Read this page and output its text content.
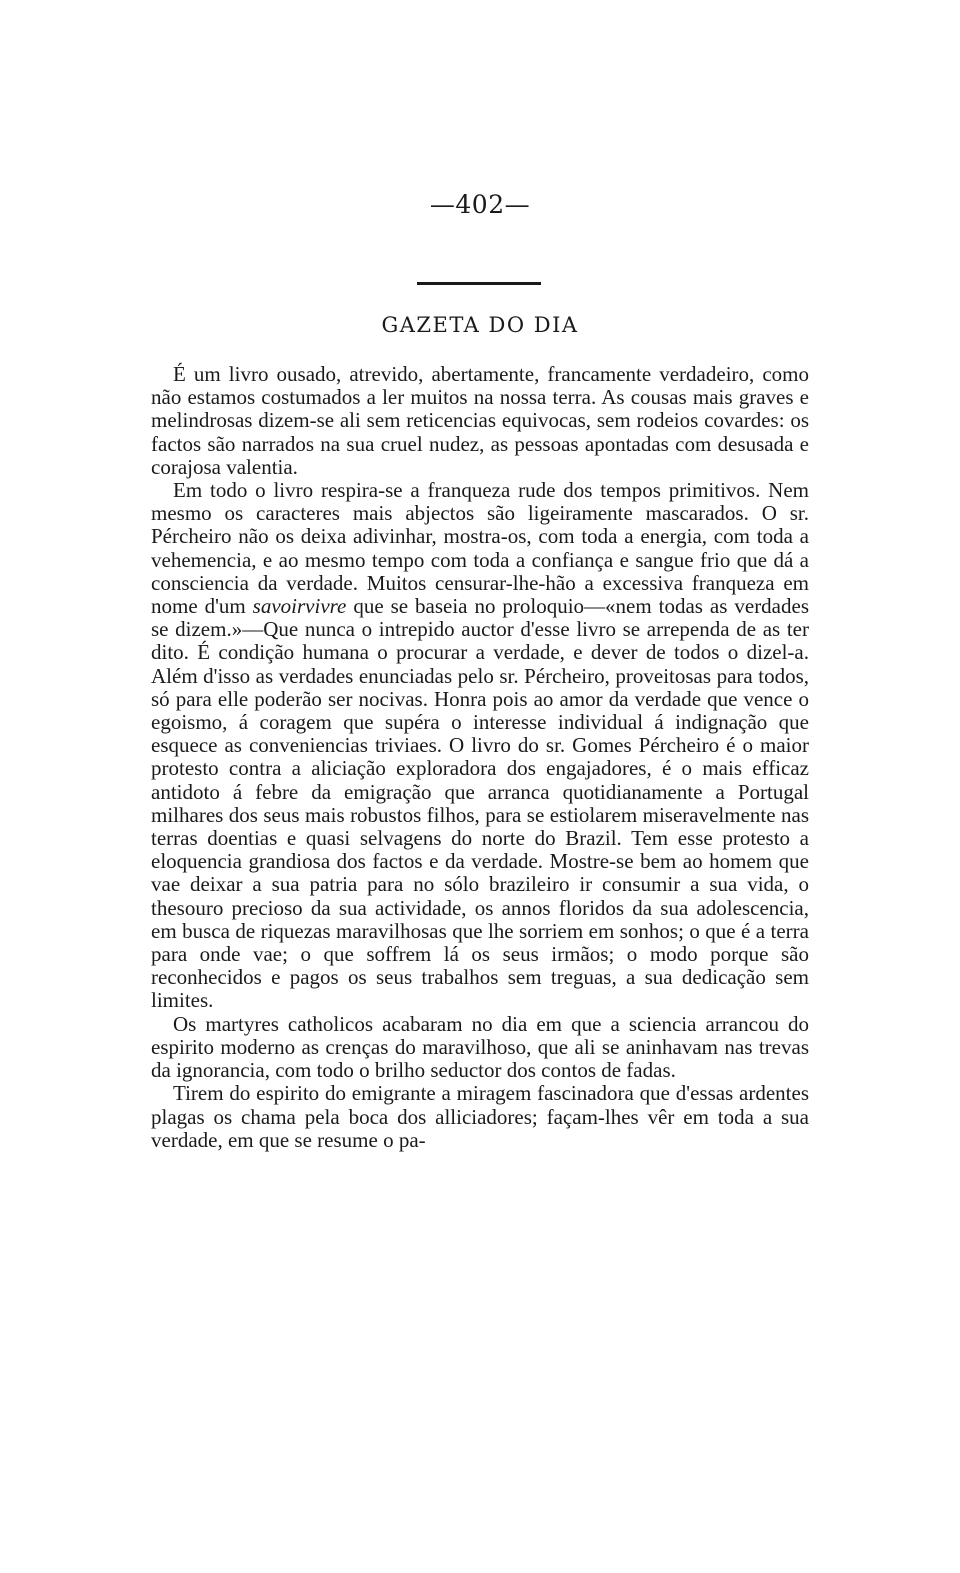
—402—
GAZETA DO DIA

É um livro ousado, atrevido, abertamente, francamente verdadeiro, como não estamos costumados a ler muitos na nossa terra. As cousas mais graves e melindrosas dizem-se ali sem reticencias equivocas, sem rodeios covardes: os factos são narrados na sua cruel nudez, as pessoas apontadas com desusada e corajosa valentia.

Em todo o livro respira-se a franqueza rude dos tempos primitivos. Nem mesmo os caracteres mais abjectos são ligeiramente mascarados. O sr. Pércheiro não os deixa adivinhar, mostra-os, com toda a energia, com toda a vehemencia, e ao mesmo tempo com toda a confiança e sangue frio que dá a consciencia da verdade. Muitos censurar-lhe-hão a excessiva franqueza em nome d'um savoirvivre que se baseia no proloquio—«nem todas as verdades se dizem.»—Que nunca o intrepido auctor d'esse livro se arrependa de as ter dito. É condição humana o procurar a verdade, e dever de todos o dizel-a. Além d'isso as verdades enunciadas pelo sr. Pércheiro, proveitosas para todos, só para elle poderão ser nocivas. Honra pois ao amor da verdade que vence o egoismo, á coragem que supéra o interesse individual á indignação que esquece as conveniencias triviaes. O livro do sr. Gomes Pércheiro é o maior protesto contra a aliciação exploradora dos engajadores, é o mais efficaz antidoto á febre da emigração que arranca quotidianamente a Portugal milhares dos seus mais robustos filhos, para se estiolarem miseravelmente nas terras doentias e quasi selvagens do norte do Brazil. Tem esse protesto a eloquencia grandiosa dos factos e da verdade. Mostre-se bem ao homem que vae deixar a sua patria para no sólo brazileiro ir consumir a sua vida, o thesouro precioso da sua actividade, os annos floridos da sua adolescencia, em busca de riquezas maravilhosas que lhe sorriem em sonhos; o que é a terra para onde vae; o que soffrem lá os seus irmãos; o modo porque são reconhecidos e pagos os seus trabalhos sem treguas, a sua dedicação sem limites.

Os martyres catholicos acabaram no dia em que a sciencia arrancou do espirito moderno as crenças do maravilhoso, que ali se aninhavam nas trevas da ignorancia, com todo o brilho seductor dos contos de fadas.

Tirem do espirito do emigrante a miragem fascinadora que d'essas ardentes plagas os chama pela boca dos alliciadores; façam-lhes vêr em toda a sua verdade, em que se resume o pa-
